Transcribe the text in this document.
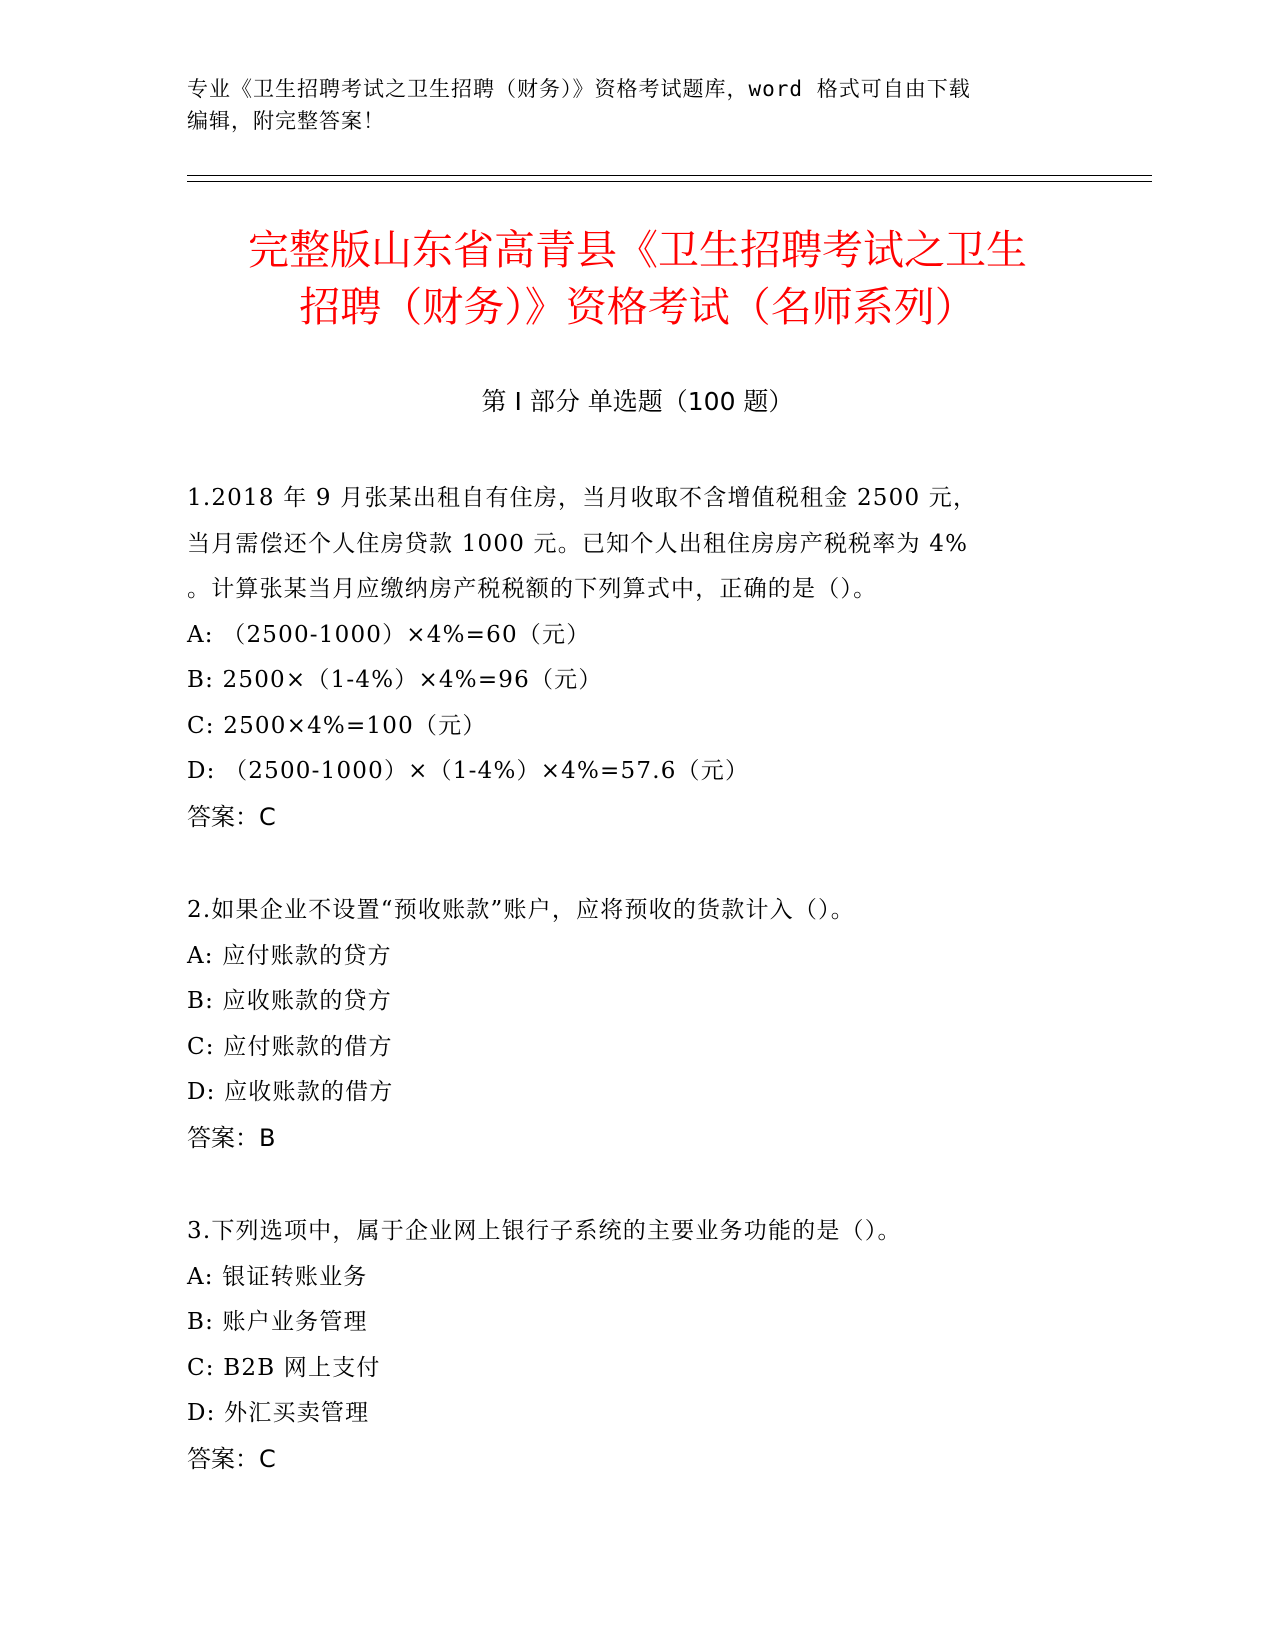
专业《卫生招聘考试之卫生招聘（财务）》资格考试题库，word 格式可自由下载
编辑，附完整答案！
完整版山东省高青县《卫生招聘考试之卫生
招聘（财务）》资格考试（名师系列）
第 I 部分 单选题（100 题）
1.2018 年 9 月张某出租自有住房，当月收取不含增值税租金 2500 元，
当月需偿还个人住房贷款 1000 元。已知个人出租住房房产税税率为 4%
。计算张某当月应缴纳房产税税额的下列算式中，正确的是（）。
A: （2500-1000）×4%=60（元）
B: 2500×（1-4%）×4%=96（元）
C: 2500×4%=100（元）
D: （2500-1000）×（1-4%）×4%=57.6（元）
答案：C
2.如果企业不设置“预收账款”账户，应将预收的货款计入（）。
A: 应付账款的贷方
B: 应收账款的贷方
C: 应付账款的借方
D: 应收账款的借方
答案：B
3.下列选项中，属于企业网上银行子系统的主要业务功能的是（）。
A: 银证转账业务
B: 账户业务管理
C: B2B 网上支付
D: 外汇买卖管理
答案：C
